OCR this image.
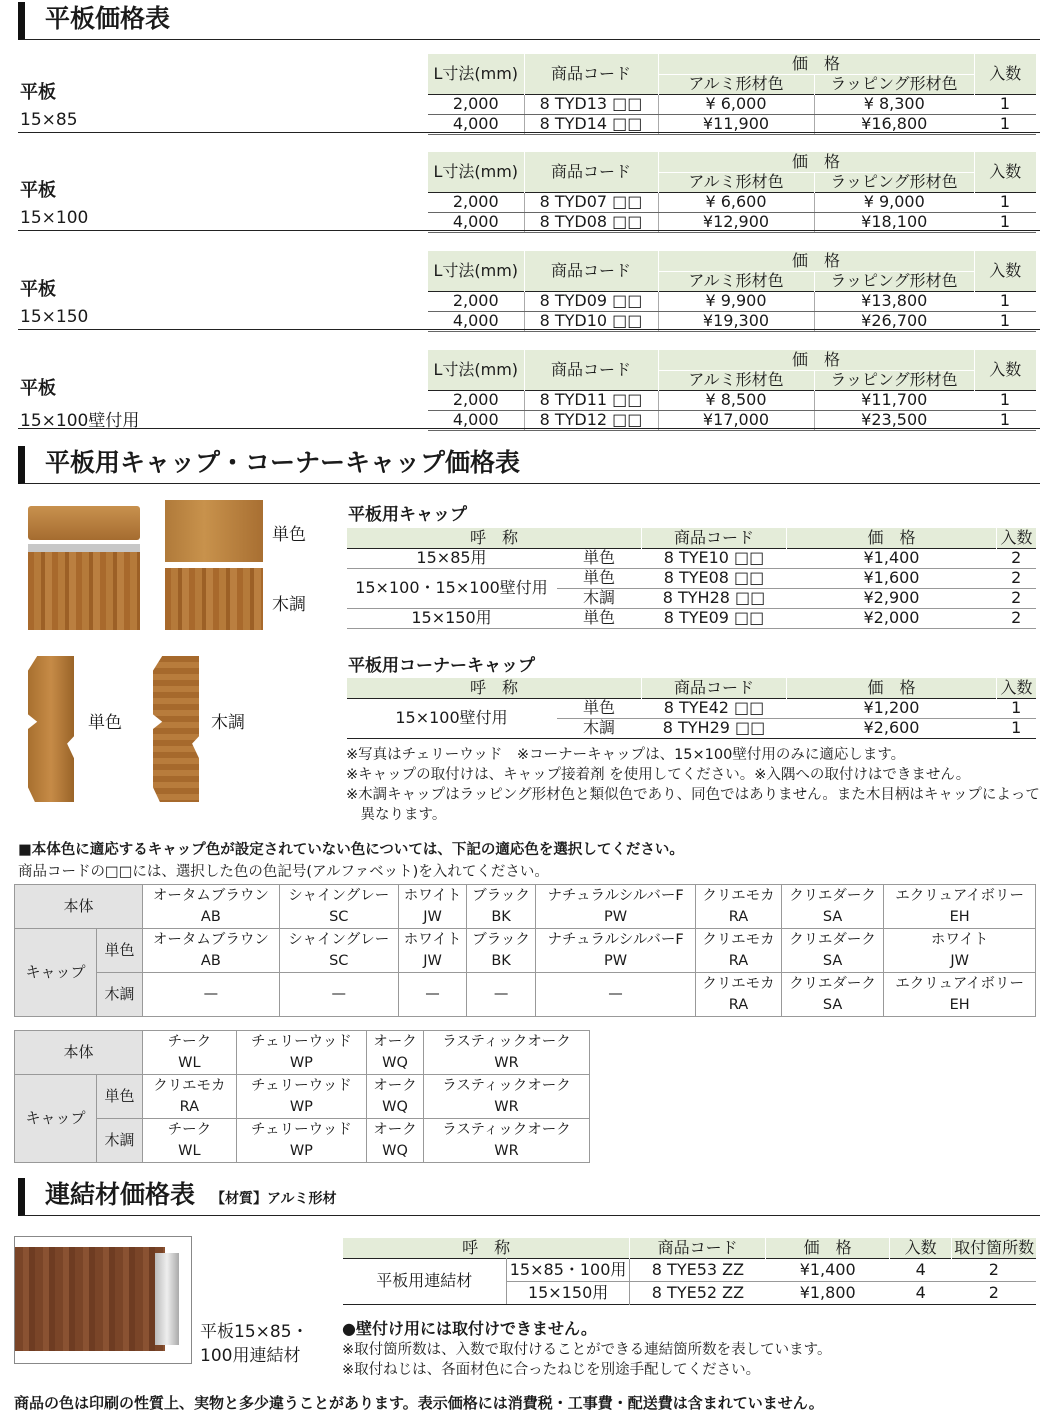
平板価格表
平板
15×85
L寸法(mm)	商品コード	価　格		入数
		アルミ形材色	ラッピング形材色	
2,000	8 TYD13 □□	¥ 6,000	¥ 8,300	1
4,000	8 TYD14 □□	¥11,900	¥16,800	1
平板
15×100
L寸法(mm)	商品コード	価　格		入数
		アルミ形材色	ラッピング形材色	
2,000	8 TYD07 □□	¥ 6,600	¥ 9,000	1
4,000	8 TYD08 □□	¥12,900	¥18,100	1
平板
15×150
L寸法(mm)	商品コード	価　格		入数
		アルミ形材色	ラッピング形材色	
2,000	8 TYD09 □□	¥ 9,900	¥13,800	1
4,000	8 TYD10 □□	¥19,300	¥26,700	1
平板
15×100壁付用
L寸法(mm)	商品コード	価　格		入数
		アルミ形材色	ラッピング形材色	
2,000	8 TYD11 □□	¥ 8,500	¥11,700	1
4,000	8 TYD12 □□	¥17,000	¥23,500	1
平板用キャップ・コーナーキャップ価格表
単色
木調
単色	木調
平板用キャップ
呼　称		商品コード	価　格	入数
15×85用	単色	8 TYE10 □□	¥1,400	2
15×100・15×100壁付用	単色	8 TYE08 □□	¥1,600	2
	木調	8 TYH28 □□	¥2,900	2
15×150用	単色	8 TYE09 □□	¥2,000	2
平板用コーナーキャップ
呼　称		商品コード	価　格	入数
15×100壁付用	単色	8 TYE42 □□	¥1,200	1
	木調	8 TYH29 □□	¥2,600	1
※写真はチェリーウッド　※コーナーキャップは、15×100壁付用のみに適応します。
※キャップの取付けは、キャップ接着剤 を使用してください。※入隅への取付けはできません。
※木調キャップはラッピング形材色と類似色であり、同色ではありません。また木目柄はキャップによって
　異なります。
■本体色に適応するキャップ色が設定されていない色については、下記の適応色を選択してください。
商品コードの□□には、選択した色の色記号(アルファベット)を入れてください。
本体		オータムブラウン	シャイングレー	ホワイト	ブラック	ナチュラルシルバーF	クリエモカ	クリエダーク	エクリュアイボリー
		AB	SC	JW	BK	PW	RA	SA	EH
キャップ	単色	オータムブラウン	シャイングレー	ホワイト	ブラック	ナチュラルシルバーF	クリエモカ	クリエダーク	ホワイト
		AB	SC	JW	BK	PW	RA	SA	JW
	木調	—	—	—	—	—	クリエモカ	クリエダーク	エクリュアイボリー
							RA	SA	EH
本体		チーク	チェリーウッド	オーク	ラスティックオーク
		WL	WP	WQ	WR
キャップ	単色	クリエモカ	チェリーウッド	オーク	ラスティックオーク
		RA	WP	WQ	WR
	木調	チーク	チェリーウッド	オーク	ラスティックオーク
		WL	WP	WQ	WR
連結材価格表 【材質】アルミ形材
平板15×85・
100用連結材
呼　称		商品コード	価　格	入数	取付箇所数
平板用連結材	15×85・100用	8 TYE53 ZZ	¥1,400	4	2
	15×150用	8 TYE52 ZZ	¥1,800	4	2
●壁付け用には取付けできません。
※取付箇所数は、入数で取付けることができる連結箇所数を表しています。
※取付ねじは、各面材色に合ったねじを別途手配してください。
商品の色は印刷の性質上、実物と多少違うことがあります。表示価格には消費税・工事費・配送費は含まれていません。
